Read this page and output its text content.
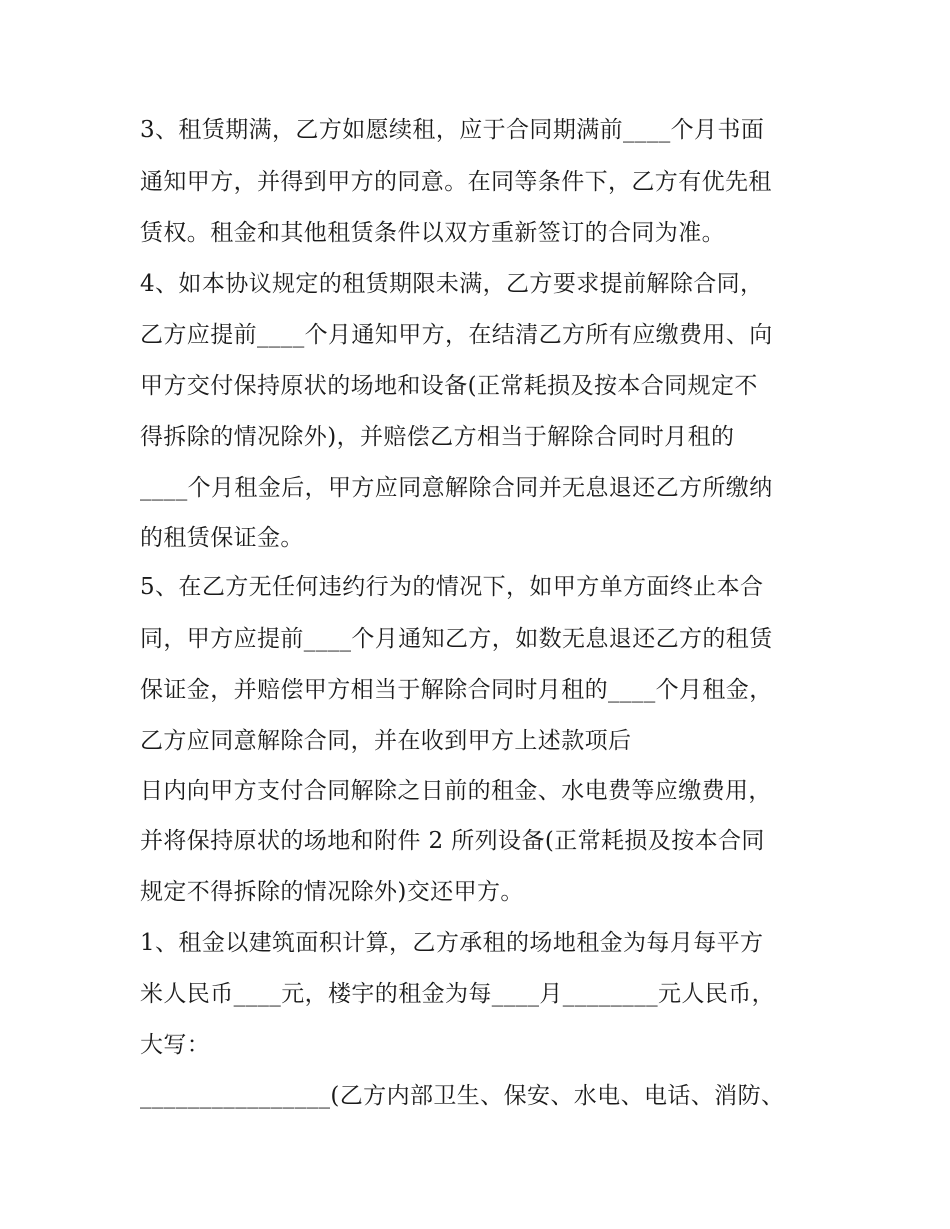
3、租赁期满，乙方如愿续租，应于合同期满前____个月书面
通知甲方，并得到甲方的同意。在同等条件下，乙方有优先租
赁权。租金和其他租赁条件以双方重新签订的合同为准。
4、如本协议规定的租赁期限未满，乙方要求提前解除合同，
乙方应提前____个月通知甲方，在结清乙方所有应缴费用、向
甲方交付保持原状的场地和设备(正常耗损及按本合同规定不
得拆除的情况除外)，并赔偿乙方相当于解除合同时月租的
____个月租金后，甲方应同意解除合同并无息退还乙方所缴纳
的租赁保证金。
5、在乙方无任何违约行为的情况下，如甲方单方面终止本合
同，甲方应提前____个月通知乙方，如数无息退还乙方的租赁
保证金，并赔偿甲方相当于解除合同时月租的____个月租金，
乙方应同意解除合同，并在收到甲方上述款项后
日内向甲方支付合同解除之日前的租金、水电费等应缴费用，
并将保持原状的场地和附件 2 所列设备(正常耗损及按本合同
规定不得拆除的情况除外)交还甲方。
1、租金以建筑面积计算，乙方承租的场地租金为每月每平方
米人民币____元，楼宇的租金为每____月________元人民币，
大写：
________________(乙方内部卫生、保安、水电、电话、消防、
